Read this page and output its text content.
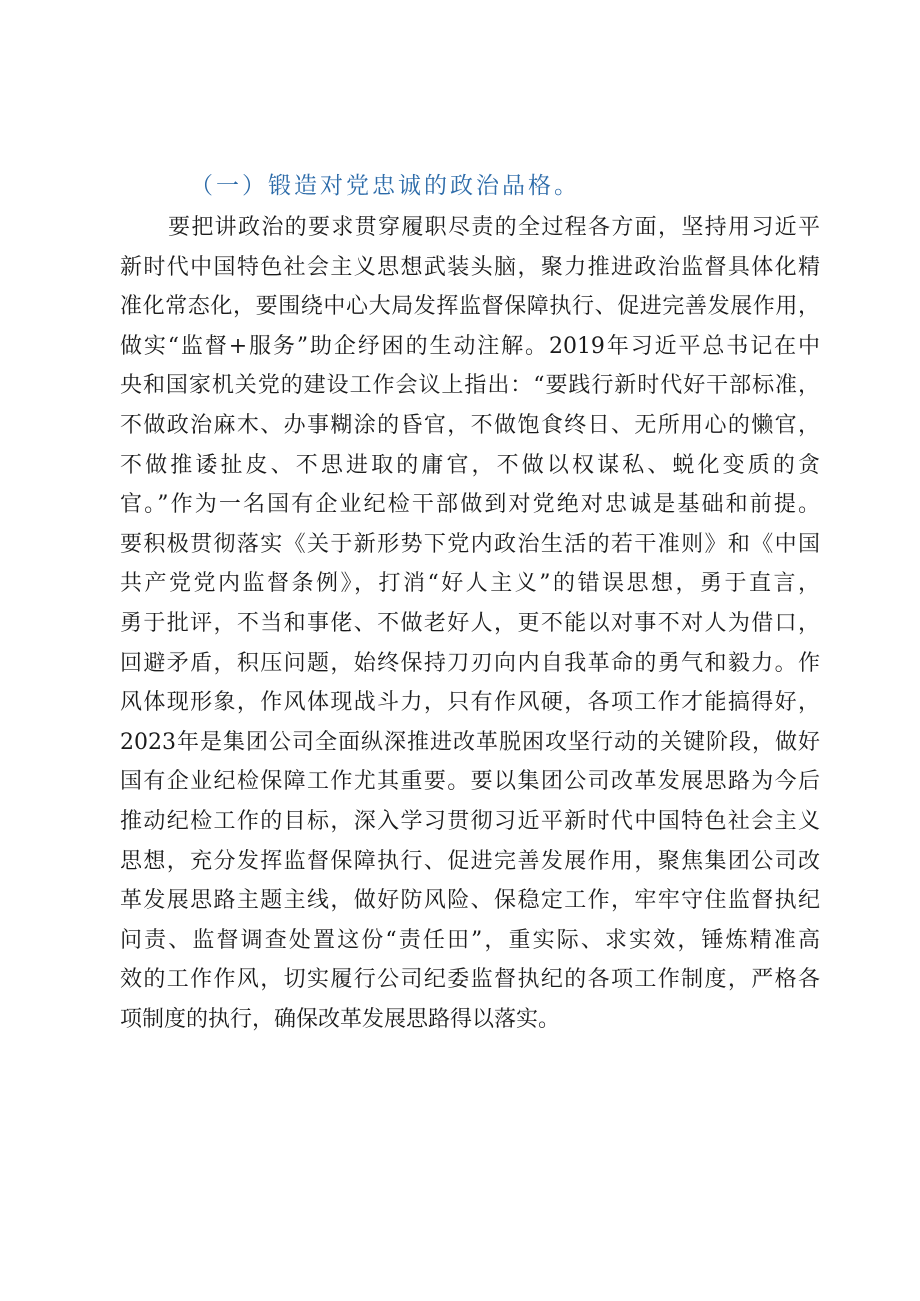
（一）锻造对党忠诚的政治品格。
要把讲政治的要求贯穿履职尽责的全过程各方面，坚持用习近平
新时代中国特色社会主义思想武装头脑，聚力推进政治监督具体化精
准化常态化，要围绕中心大局发挥监督保障执行、促进完善发展作用，
做实“监督+服务”助企纾困的生动注解。2019年习近平总书记在中
央和国家机关党的建设工作会议上指出：“要践行新时代好干部标准，
不做政治麻木、办事糊涂的昏官，不做饱食终日、无所用心的懒官，
不做推诿扯皮、不思进取的庸官，不做以权谋私、蜕化变质的贪
官。”作为一名国有企业纪检干部做到对党绝对忠诚是基础和前提。
要积极贯彻落实《关于新形势下党内政治生活的若干准则》和《中国
共产党党内监督条例》，打消“好人主义”的错误思想，勇于直言，
勇于批评，不当和事佬、不做老好人，更不能以对事不对人为借口，
回避矛盾，积压问题，始终保持刀刃向内自我革命的勇气和毅力。作
风体现形象，作风体现战斗力，只有作风硬，各项工作才能搞得好，
2023年是集团公司全面纵深推进改革脱困攻坚行动的关键阶段，做好
国有企业纪检保障工作尤其重要。要以集团公司改革发展思路为今后
推动纪检工作的目标，深入学习贯彻习近平新时代中国特色社会主义
思想，充分发挥监督保障执行、促进完善发展作用，聚焦集团公司改
革发展思路主题主线，做好防风险、保稳定工作，牢牢守住监督执纪
问责、监督调查处置这份“责任田”，重实际、求实效，锤炼精准高
效的工作作风，切实履行公司纪委监督执纪的各项工作制度，严格各
项制度的执行，确保改革发展思路得以落实。
